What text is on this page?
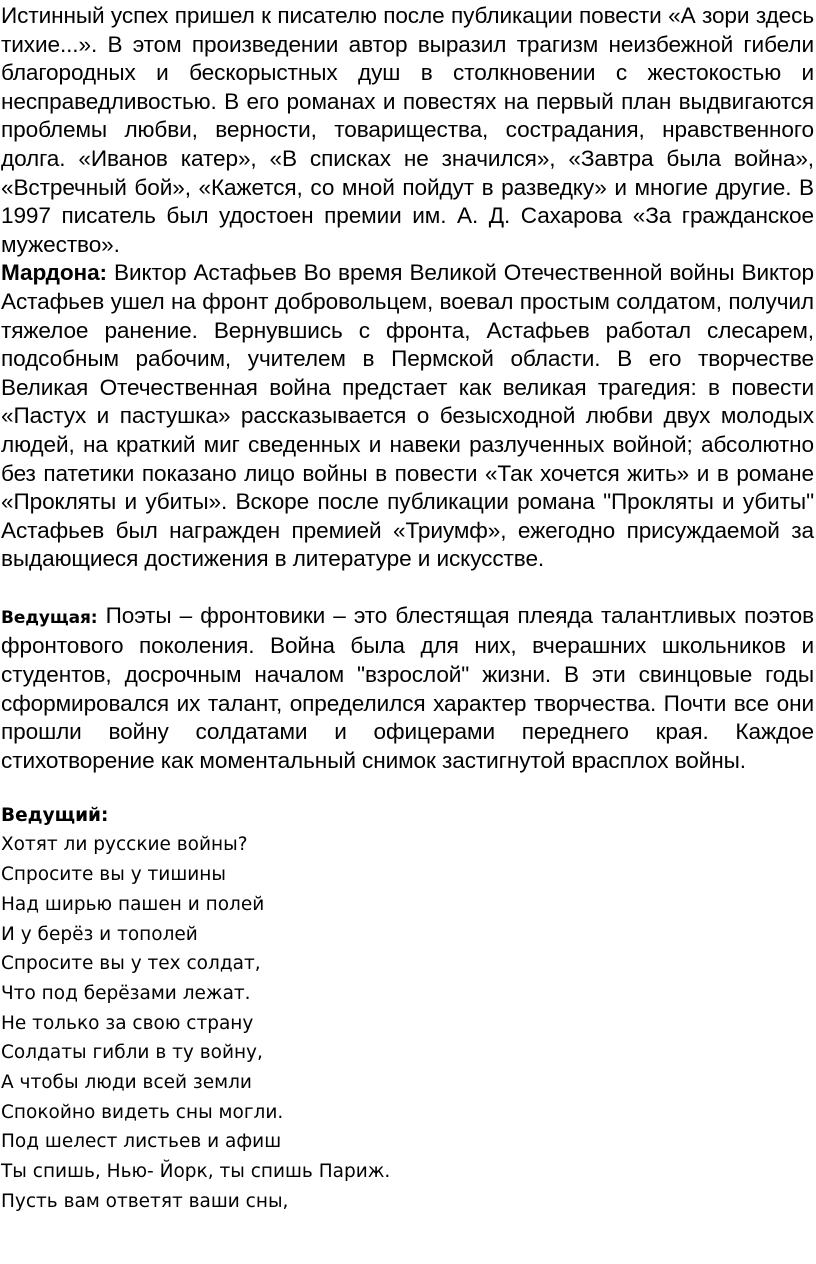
Истинный успех пришел к писателю после публикации повести «А зори здесь тихие...». В этом произведении автор выразил трагизм неизбежной гибели благородных и бескорыстных душ в столкновении с жестокостью и несправедливостью. В его романах и повестях на первый план выдвигаются проблемы любви, верности, товарищества, сострадания, нравственного долга. «Иванов катер», «В списках не значился», «Завтра была война», «Встречный бой», «Кажется, со мной пойдут в разведку» и многие другие. В 1997 писатель был удостоен премии им. А. Д. Сахарова «За гражданское мужество».

Мардона: Виктор Астафьев Во время Великой Отечественной войны Виктор Астафьев ушел на фронт добровольцем, воевал простым солдатом, получил тяжелое ранение. Вернувшись с фронта, Астафьев работал слесарем, подсобным рабочим, учителем в Пермской области. В его творчестве Великая Отечественная война предстает как великая трагедия: в повести «Пастух и пастушка» рассказывается о безысходной любви двух молодых людей, на краткий миг сведенных и навеки разлученных войной; абсолютно без патетики показано лицо войны в повести «Так хочется жить» и в романе «Прокляты и убиты». Вскоре после публикации романа "Прокляты и убиты" Астафьев был награжден премией «Триумф», ежегодно присуждаемой за выдающиеся достижения в литературе и искусстве.

Ведущая: Поэты – фронтовики – это блестящая плеяда талантливых поэтов фронтового поколения. Война была для них, вчерашних школьников и студентов, досрочным началом "взрослой" жизни. В эти свинцовые годы сформировался их талант, определился характер творчества. Почти все они прошли войну солдатами и офицерами переднего края. Каждое стихотворение как моментальный снимок застигнутой врасплох войны.

Ведущий:
Хотят ли русские войны?
Спросите вы у тишины
Над ширью пашен и полей
И у берёз и тополей
Спросите вы у тех солдат,
Что под берёзами лежат.
Не только за свою страну
Солдаты гибли в ту войну,
А чтобы люди всей земли
Спокойно видеть сны могли.
Под шелест листьев и афиш
Ты спишь, Нью- Йорк, ты спишь Париж.
Пусть вам ответят ваши сны,
